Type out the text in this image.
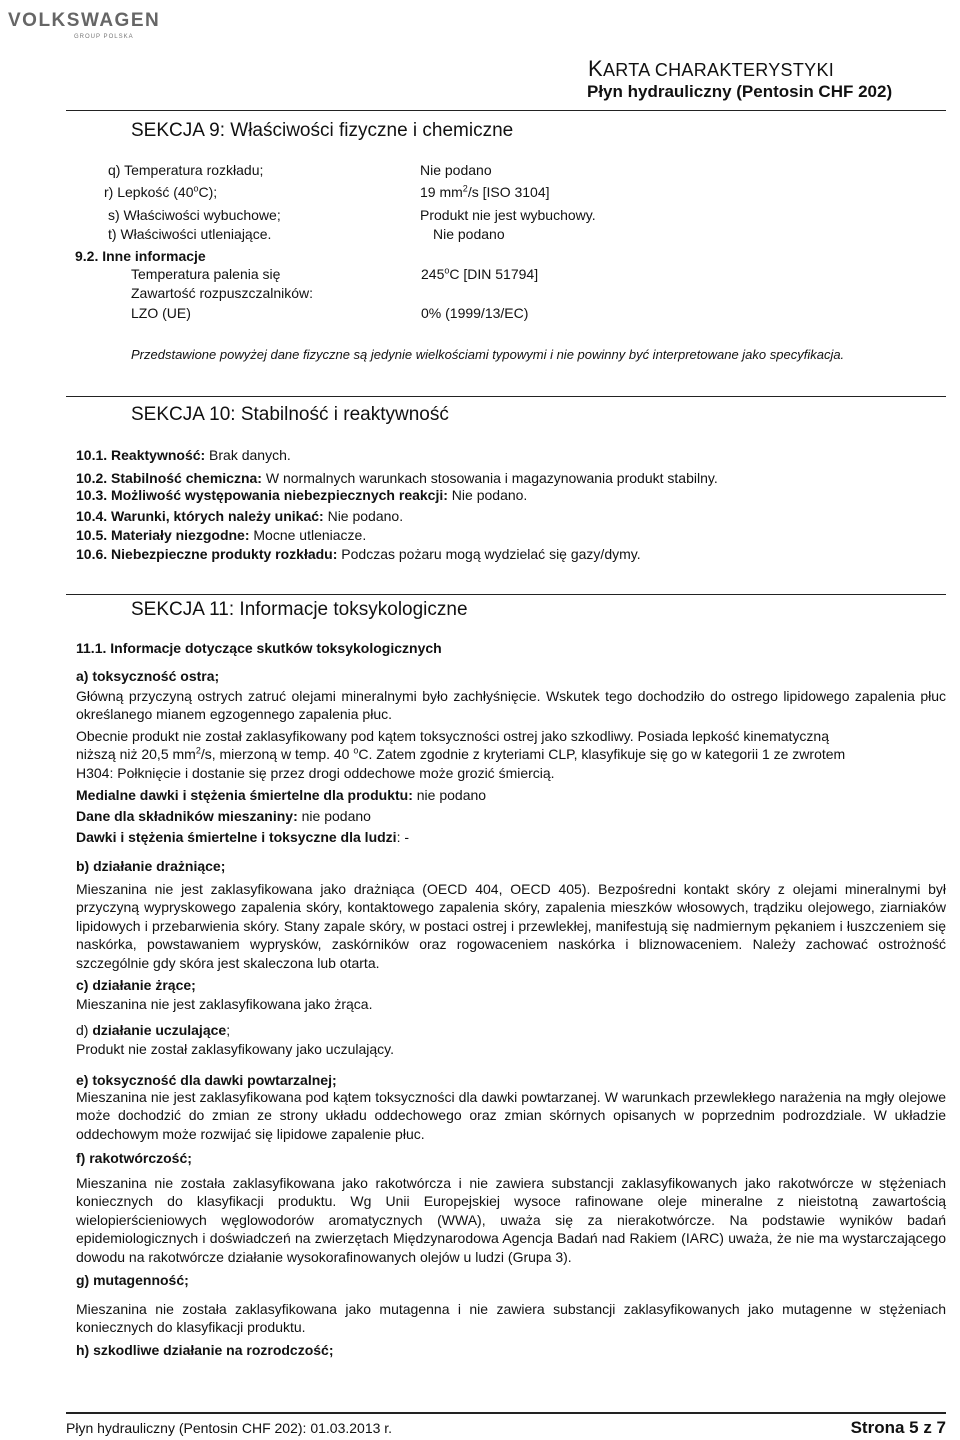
VOLKSWAGEN
GROUP POLSKA
KARTA CHARAKTERYSTYKI
Płyn hydrauliczny (Pentosin CHF 202)
SEKCJA 9: Właściwości fizyczne i chemiczne
q) Temperatura rozkładu;	Nie podano
r) Lepkość (40$^o$C);	19 $mm^2/s$ [ISO 3104]
s) Właściwości wybuchowe;	Produkt nie jest wybuchowy.
t) Właściwości utleniające.	Nie podano
9.2. Inne informacje
Temperatura palenia się	245$^o$C [DIN 51794]
Zawartość rozpuszczalników:
LZO (UE)	0% (1999/13/EC)
Przedstawione powyżej dane fizyczne są jedynie wielkościami typowymi i nie powinny być interpretowane jako specyfikacja.
SEKCJA 10: Stabilność i reaktywność
10.1. Reaktywność: Brak danych.
10.2. Stabilność chemiczna: W normalnych warunkach stosowania i magazynowania produkt stabilny.
10.3. Możliwość występowania niebezpiecznych reakcji: Nie podano.
10.4. Warunki, których należy unikać: Nie podano.
10.5. Materiały niezgodne: Mocne utleniacze.
10.6. Niebezpieczne produkty rozkładu: Podczas pożaru mogą wydzielać się gazy/dymy.
SEKCJA 11: Informacje toksykologiczne
11.1. Informacje dotyczące skutków toksykologicznych
a) toksyczność ostra;
Główną przyczyną ostrych zatruć olejami mineralnymi było zachłyśnięcie. Wskutek tego dochodziło do ostrego lipidowego zapalenia płuc określanego mianem egzogennego zapalenia płuc.
Obecnie produkt nie został zaklasyfikowany pod kątem toksyczności ostrej jako szkodliwy. Posiada lepkość kinematyczną
niższą niż 20,5 $mm^2/s$, mierzoną w temp. 40 $^o$C. Zatem zgodnie z kryteriami CLP, klasyfikuje się go w kategorii 1 ze zwrotem
H304: Połknięcie i dostanie się przez drogi oddechowe może grozić śmiercią.
Medialne dawki i stężenia śmiertelne dla produktu: nie podano
Dane dla składników mieszaniny: nie podano
Dawki i stężenia śmiertelne i toksyczne dla ludzi: -
b) działanie drażniące;
Mieszanina nie jest zaklasyfikowana jako drażniąca (OECD 404, OECD 405). Bezpośredni kontakt skóry z olejami mineralnymi był przyczyną wypryskowego zapalenia skóry, kontaktowego zapalenia skóry, zapalenia mieszków włosowych, trądziku olejowego, ziarniaków lipidowych i przebarwienia skóry. Stany zapale skóry, w postaci ostrej i przewlekłej, manifestują się nadmiernym pękaniem i łuszczeniem się naskórka, powstawaniem wyprysków, zaskórników oraz rogowaceniem naskórka i bliznowaceniem. Należy zachować ostrożność szczególnie gdy skóra jest skaleczona lub otarta.
c) działanie żrące;
Mieszanina nie jest zaklasyfikowana jako żrąca.
d) działanie uczulające;
Produkt nie został zaklasyfikowany jako uczulający.
e) toksyczność dla dawki powtarzalnej;
Mieszanina nie jest zaklasyfikowana pod kątem toksyczności dla dawki powtarzanej. W warunkach przewlekłego narażenia na mgły olejowe może dochodzić do zmian ze strony układu oddechowego oraz zmian skórnych opisanych w poprzednim podrozdziale. W układzie oddechowym może rozwijać się lipidowe zapalenie płuc.
f) rakotwórczość;
Mieszanina nie została zaklasyfikowana jako rakotwórcza i nie zawiera substancji zaklasyfikowanych jako rakotwórcze w stężeniach koniecznych do klasyfikacji produktu. Wg Unii Europejskiej wysoce rafinowane oleje mineralne z nieistotną zawartością wielopierścieniowych węglowodorów aromatycznych (WWA), uważa się za nierakotwórcze. Na podstawie wyników badań epidemiologicznych i doświadczeń na zwierzętach Międzynarodowa Agencja Badań nad Rakiem (IARC) uważa, że nie ma wystarczającego dowodu na rakotwórcze działanie wysokorafinowanych olejów u ludzi (Grupa 3).
g) mutagenność;
Mieszanina nie została zaklasyfikowana jako mutagenna i nie zawiera substancji zaklasyfikowanych jako mutagenne w stężeniach koniecznych do klasyfikacji produktu.
h) szkodliwe działanie na rozrodczość;
Płyn hydrauliczny (Pentosin CHF 202): 01.03.2013 r.	Strona 5 z 7
